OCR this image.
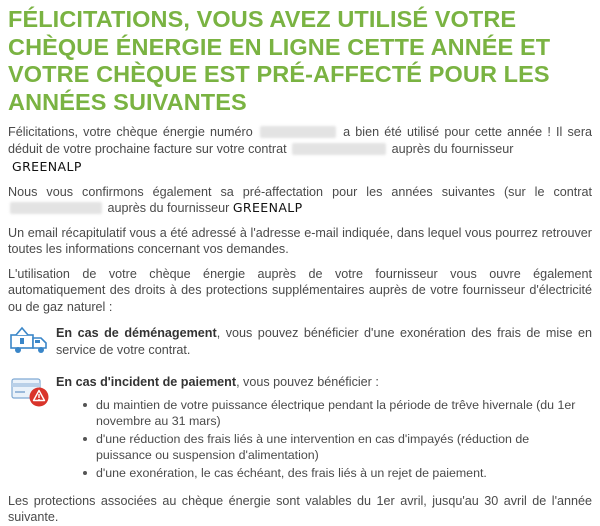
FÉLICITATIONS, VOUS AVEZ UTILISÉ VOTRE CHÈQUE ÉNERGIE EN LIGNE CETTE ANNÉE ET VOTRE CHÈQUE EST PRÉ-AFFECTÉ POUR LES ANNÉES SUIVANTES

Félicitations, votre chèque énergie numéro	a bien été utilisé pour cette année ! Il sera déduit de votre prochaine facture sur votre contrat	auprès du fournisseur
GREENALP

Nous vous confirmons également sa pré-affectation pour les années suivantes (sur le contrat  auprès du fournisseur GREENALP

Un email récapitulatif vous a été adressé à l'adresse e-mail indiquée, dans lequel vous pourrez retrouver toutes les informations concernant vos demandes.

L'utilisation de votre chèque énergie auprès de votre fournisseur vous ouvre également automatiquement des droits à des protections supplémentaires auprès de votre fournisseur d'électricité ou de gaz naturel :

En cas de déménagement, vous pouvez bénéficier d'une exonération des frais de mise en service de votre contrat.

En cas d'incident de paiement, vous pouvez bénéficier :

du maintien de votre puissance électrique pendant la période de trêve hivernale (du 1er novembre au 31 mars)
d'une réduction des frais liés à une intervention en cas d'impayés (réduction de puissance ou suspension d'alimentation)
d'une exonération, le cas échéant, des frais liés à un rejet de paiement.

Les protections associées au chèque énergie sont valables du 1er avril, jusqu'au 30 avril de l'année suivante.
